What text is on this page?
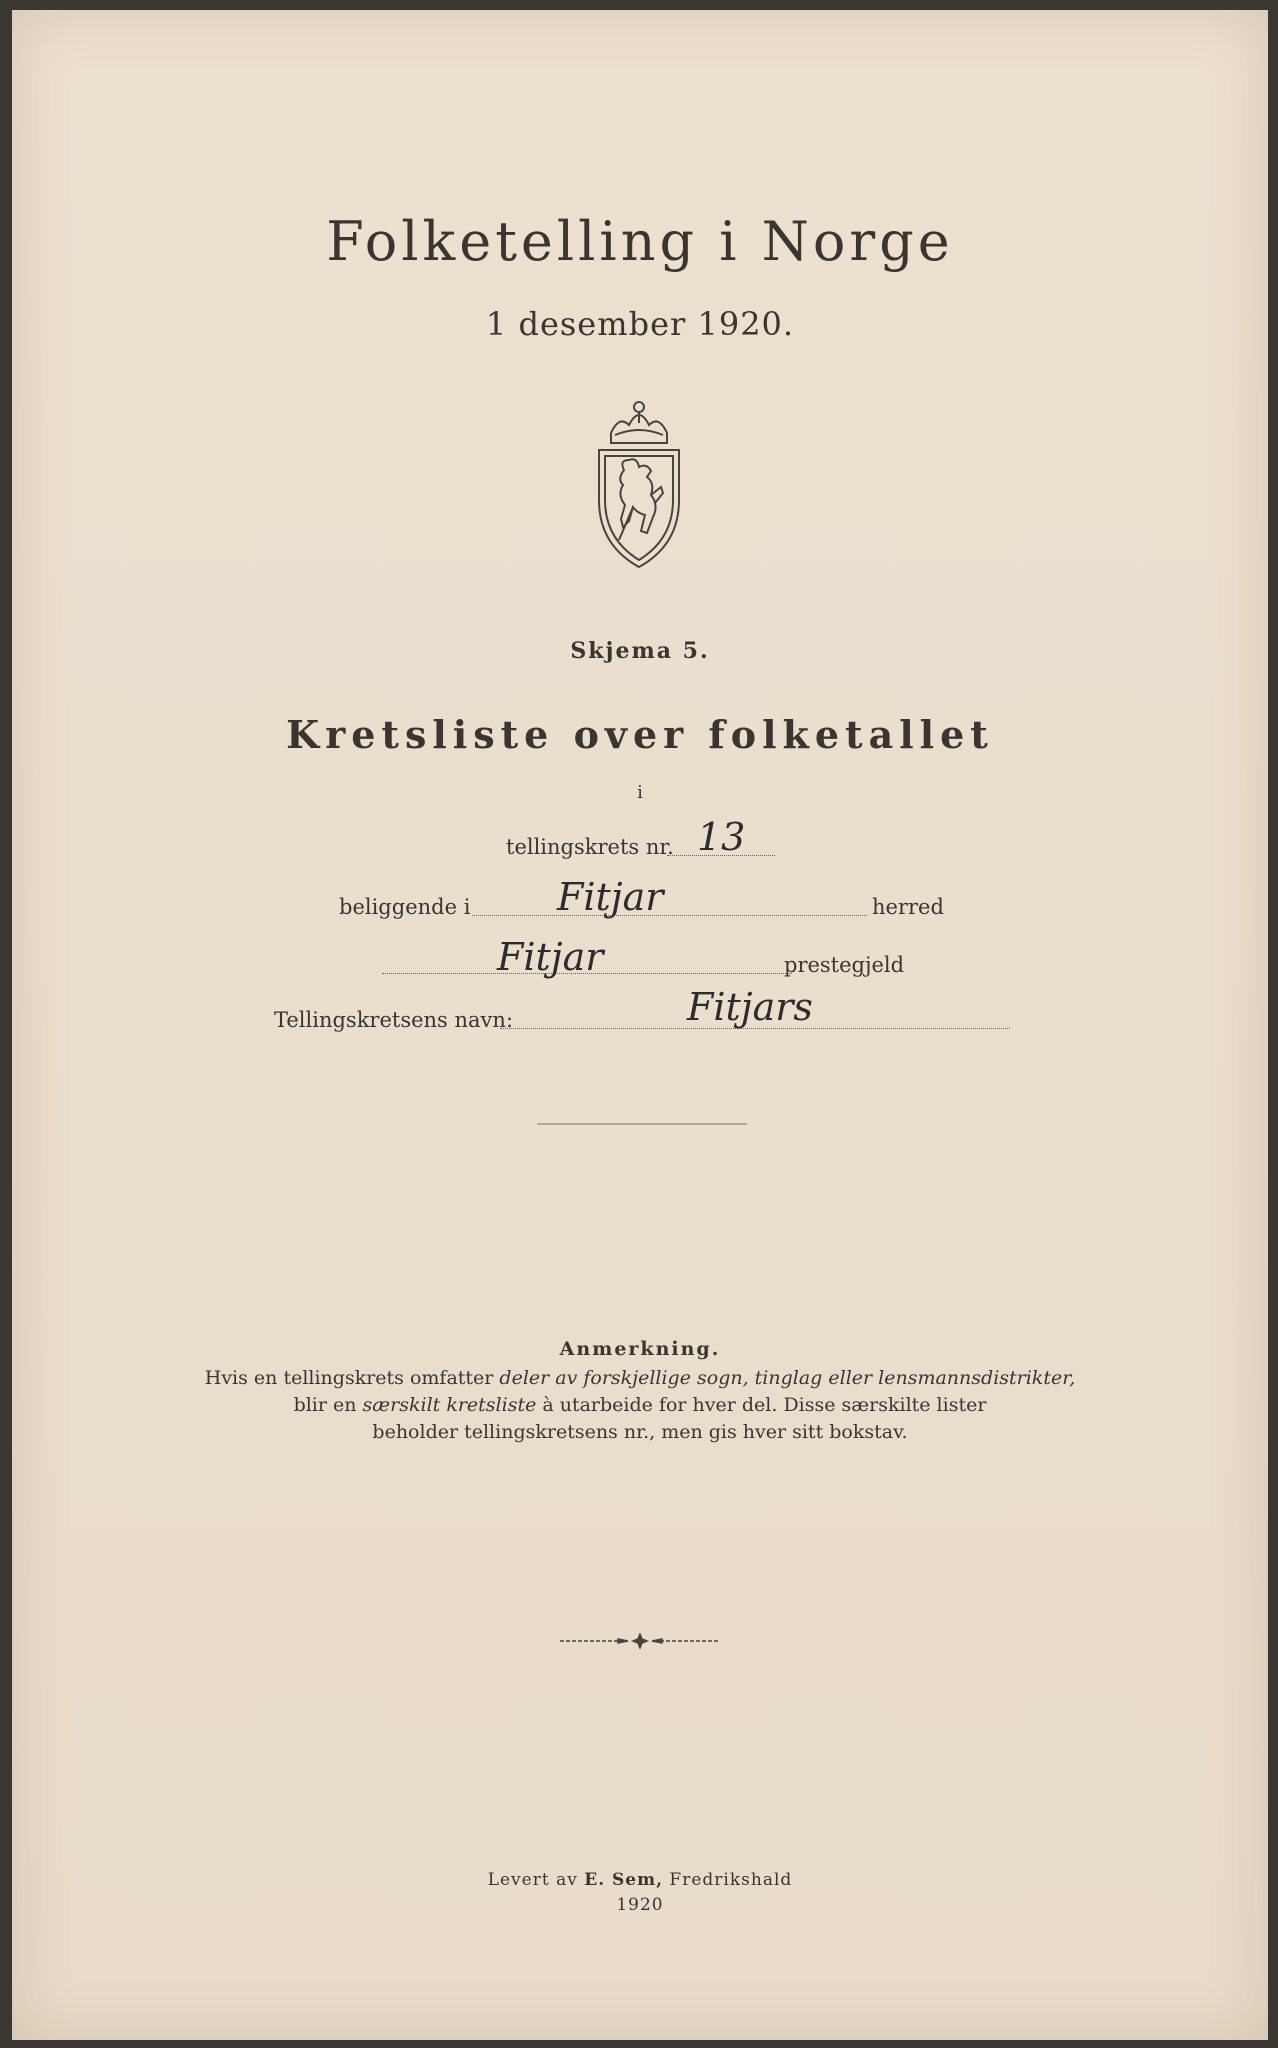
Folketelling i Norge
1 desember 1920.
Skjema 5.
Kretsliste over folketallet
i
tellingskrets nr. 13
beliggende i Fitjar	herred
Fitjar	prestegjeld
Tellingskretsens navn:	Fitjars
Anmerkning.
Hvis en tellingskrets omfatter deler av forskjellige sogn, tinglag eller lensmannsdistrikter,
blir en særskilt kretsliste à utarbeide for hver del. Disse særskilte lister
beholder tellingskretsens nr., men gis hver sitt bokstav.
Levert av E. Sem, Fredrikshald
1920
